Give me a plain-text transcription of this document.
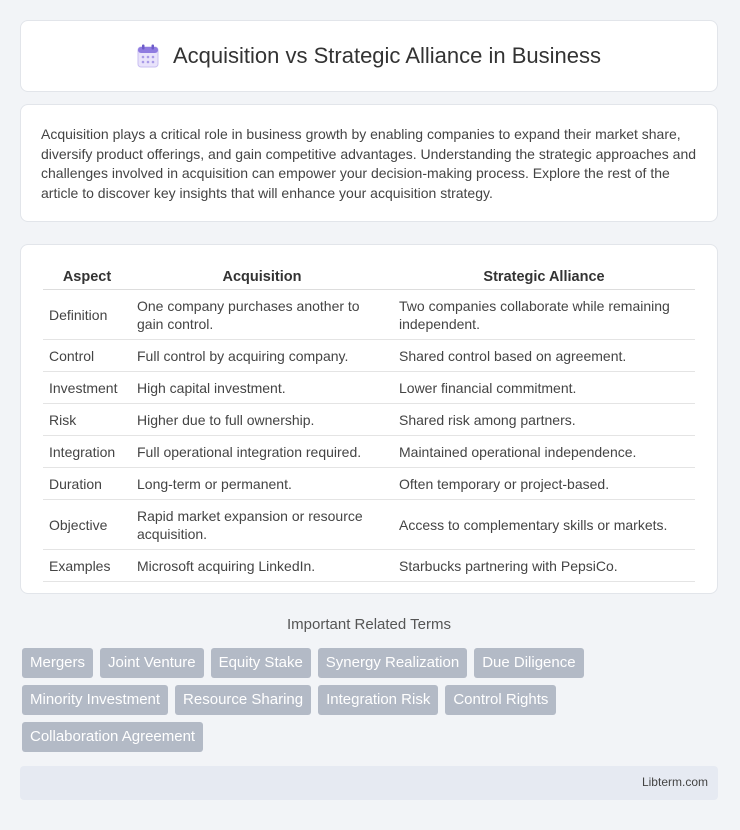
Acquisition vs Strategic Alliance in Business

Acquisition plays a critical role in business growth by enabling companies to expand their market share, diversify product offerings, and gain competitive advantages. Understanding the strategic approaches and challenges involved in acquisition can empower your decision-making process. Explore the rest of the article to discover key insights that will enhance your acquisition strategy.

Aspect	Acquisition	Strategic Alliance
Definition	One company purchases another to gain control.	Two companies collaborate while remaining independent.
Control	Full control by acquiring company.	Shared control based on agreement.
Investment	High capital investment.	Lower financial commitment.
Risk	Higher due to full ownership.	Shared risk among partners.
Integration	Full operational integration required.	Maintained operational independence.
Duration	Long-term or permanent.	Often temporary or project-based.
Objective	Rapid market expansion or resource acquisition.	Access to complementary skills or markets.
Examples	Microsoft acquiring LinkedIn.	Starbucks partnering with PepsiCo.
Important Related Terms
Mergers	Joint Venture	Equity Stake	Synergy Realization	Due Diligence
Minority Investment	Resource Sharing	Integration Risk	Control Rights
Collaboration Agreement
Libterm.com
